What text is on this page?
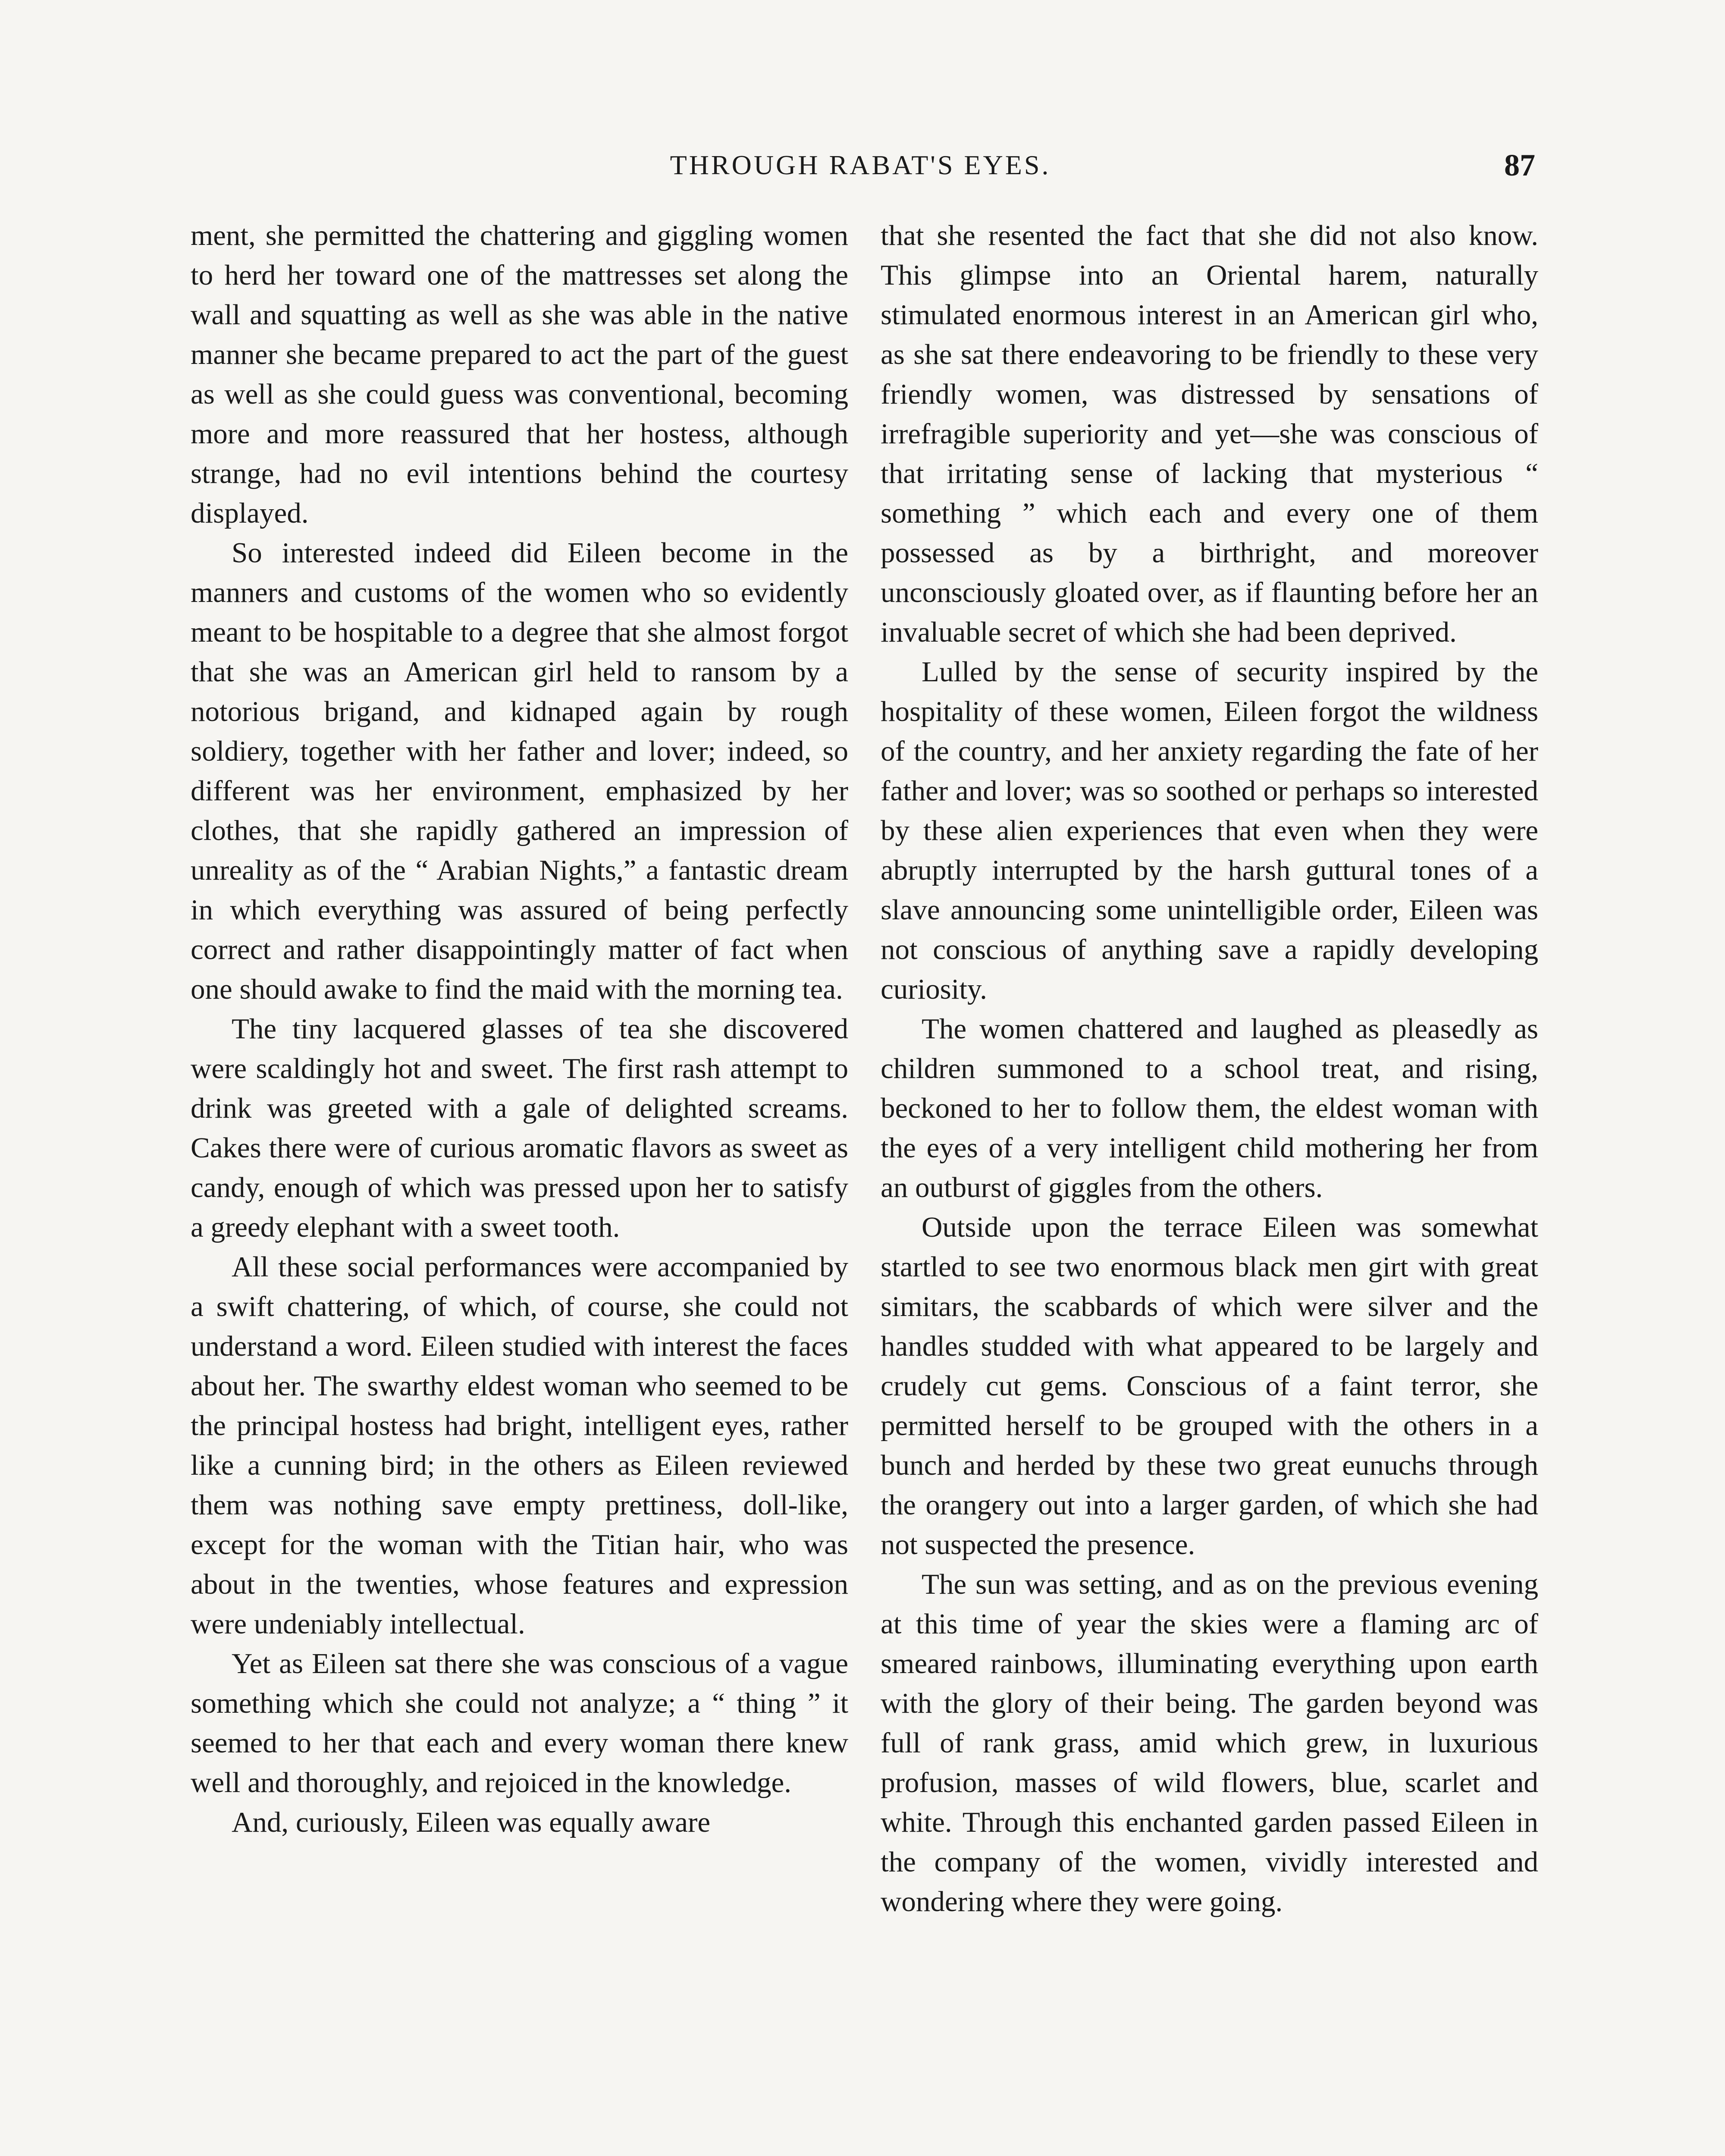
THROUGH RABAT'S EYES.	87

ment, she permitted the chattering and giggling women to herd her toward one of the mattresses set along the wall and squatting as well as she was able in the native manner she became prepared to act the part of the guest as well as she could guess was conventional, becoming more and more reassured that her hostess, although strange, had no evil intentions behind the courtesy displayed.

So interested indeed did Eileen become in the manners and customs of the women who so evidently meant to be hospitable to a degree that she almost forgot that she was an American girl held to ransom by a notorious brigand, and kidnaped again by rough soldiery, together with her father and lover; indeed, so different was her environment, emphasized by her clothes, that she rapidly gathered an impression of unreality as of the “ Arabian Nights,” a fantastic dream in which everything was assured of being perfectly correct and rather disappointingly matter of fact when one should awake to find the maid with the morning tea.

The tiny lacquered glasses of tea she discovered were scaldingly hot and sweet. The first rash attempt to drink was greeted with a gale of delighted screams. Cakes there were of curious aromatic flavors as sweet as candy, enough of which was pressed upon her to satisfy a greedy elephant with a sweet tooth.

All these social performances were accompanied by a swift chattering, of which, of course, she could not understand a word. Eileen studied with interest the faces about her. The swarthy eldest woman who seemed to be the principal hostess had bright, intelligent eyes, rather like a cunning bird; in the others as Eileen reviewed them was nothing save empty prettiness, doll-like, except for the woman with the Titian hair, who was about in the twenties, whose features and expression were undeniably intellectual.

Yet as Eileen sat there she was conscious of a vague something which she could not analyze; a “ thing ” it seemed to her that each and every woman there knew well and thoroughly, and rejoiced in the knowledge.

And, curiously, Eileen was equally aware

that she resented the fact that she did not also know. This glimpse into an Oriental harem, naturally stimulated enormous interest in an American girl who, as she sat there endeavoring to be friendly to these very friendly women, was distressed by sensations of irrefragible superiority and yet—she was conscious of that irritating sense of lacking that mysterious “ something ” which each and every one of them possessed as by a birthright, and moreover unconsciously gloated over, as if flaunting before her an invaluable secret of which she had been deprived.

Lulled by the sense of security inspired by the hospitality of these women, Eileen forgot the wildness of the country, and her anxiety regarding the fate of her father and lover; was so soothed or perhaps so interested by these alien experiences that even when they were abruptly interrupted by the harsh guttural tones of a slave announcing some unintelligible order, Eileen was not conscious of anything save a rapidly developing curiosity.

The women chattered and laughed as pleasedly as children summoned to a school treat, and rising, beckoned to her to follow them, the eldest woman with the eyes of a very intelligent child mothering her from an outburst of giggles from the others.

Outside upon the terrace Eileen was somewhat startled to see two enormous black men girt with great simitars, the scabbards of which were silver and the handles studded with what appeared to be largely and crudely cut gems. Conscious of a faint terror, she permitted herself to be grouped with the others in a bunch and herded by these two great eunuchs through the orangery out into a larger garden, of which she had not suspected the presence.

The sun was setting, and as on the previous evening at this time of year the skies were a flaming arc of smeared rainbows, illuminating everything upon earth with the glory of their being. The garden beyond was full of rank grass, amid which grew, in luxurious profusion, masses of wild flowers, blue, scarlet and white. Through this enchanted garden passed Eileen in the company of the women, vividly interested and wondering where they were going.
